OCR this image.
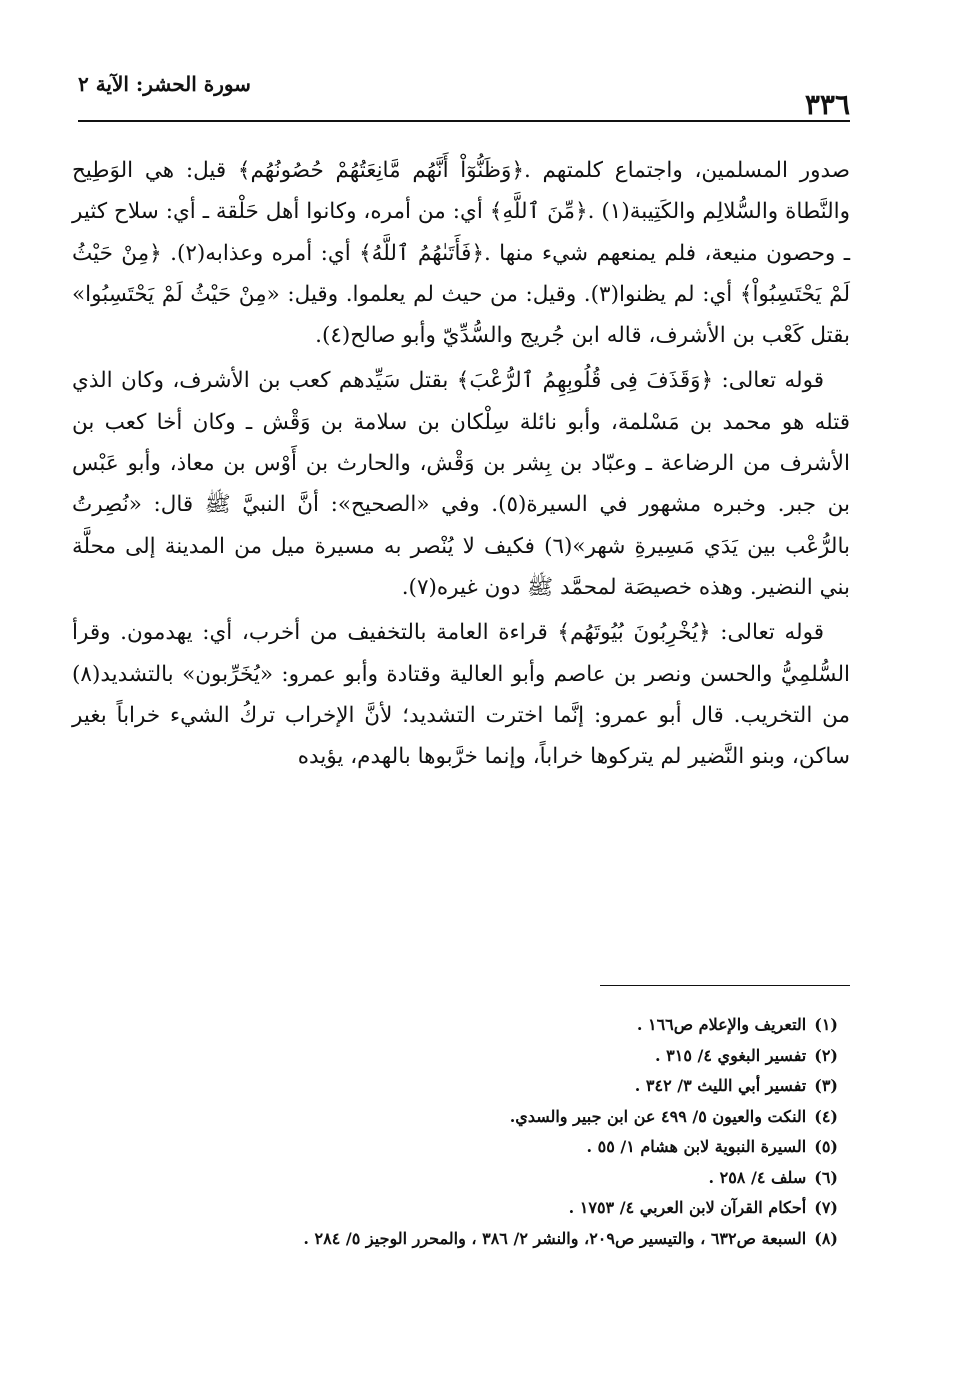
٣٣٦
سورة الحشر: الآية ٢

صدور المسلمين، واجتماع كلمتهم .﴿وَظَنُّوٓاْ أَنَّهُم مَّانِعَتُهُمْ حُصُونُهُم﴾ قيل: هي الوَطِيح والنَّطاة والسُّلالِم والكَتِيبة(١) .﴿مِّنَ ٱللَّهِ﴾ أي: من أمره، وكانوا أهل حَلْقة ـ أي: سلاح كثير ـ وحصون منيعة، فلم يمنعهم شيء منها .﴿فَأَتَىٰهُمُ ٱللَّهُ﴾ أي: أمره وعذابه(٢). ﴿مِنْ حَيْثُ لَمْ يَحْتَسِبُواْ﴾ أي: لم يظنوا(٣). وقيل: من حيث لم يعلموا. وقيل: «مِنْ حَيْثُ لَمْ يَحْتَسِبُوا» بقتل كَعْب بن الأشرف، قاله ابن جُريج والسُّدِّيّ وأبو صالح(٤).

قوله تعالى: ﴿وَقَذَفَ فِى قُلُوبِهِمُ ٱلرُّعْبَ﴾ بقتل سَيِّدهم كعب بن الأشرف، وكان الذي قتله هو محمد بن مَسْلمة، وأبو نائلة سِلْكان بن سلامة بن وَقْش ـ وكان أخا كعب بن الأشرف من الرضاعة ـ وعبّاد بن بِشر بن وَقْش، والحارث بن أَوْس بن معاذ، وأبو عَبْس بن جبر. وخبره مشهور في السيرة(٥). وفي «الصحيح»: أنَّ النبيَّ ﷺ قال: «نُصِرتُ بالرُّعْب بين يَدَي مَسِيرةِ شهر»(٦) فكيف لا يُنْصر به مسيرة ميل من المدينة إلى محلَّة بني النضير. وهذه خصيصَة لمحمَّد ﷺ دون غيره(٧).

قوله تعالى: ﴿يُخْرِبُونَ بُيُوتَهُم﴾ قراءة العامة بالتخفيف من أخرب، أي: يهدمون. وقرأ السُّلمِيُّ والحسن ونصر بن عاصم وأبو العالية وقتادة وأبو عمرو: «يُخَرِّبون» بالتشديد(٨) من التخريب. قال أبو عمرو: إنَّما اخترت التشديد؛ لأنَّ الإخراب تركُ الشيء خراباً بغير ساكن، وبنو النَّضير لم يتركوها خراباً، وإنما خرَّبوها بالهدم، يؤيده

(١)التعريف والإعلام ص١٦٦ .

(٢)تفسير البغوي ٤/ ٣١٥ .

(٣)تفسير أبي الليث ٣/ ٣٤٢ .

(٤)النكت والعيون ٥/ ٤٩٩ عن ابن جبير والسدي.

(٥)السيرة النبوية لابن هشام ١/ ٥٥ .

(٦)سلف ٤/ ٢٥٨ .

(٧)أحكام القرآن لابن العربي ٤/ ١٧٥٣ .

(٨)السبعة ص٦٣٢ ، والتيسير ص٢٠٩، والنشر ٢/ ٣٨٦ ، والمحرر الوجيز ٥/ ٢٨٤ .
